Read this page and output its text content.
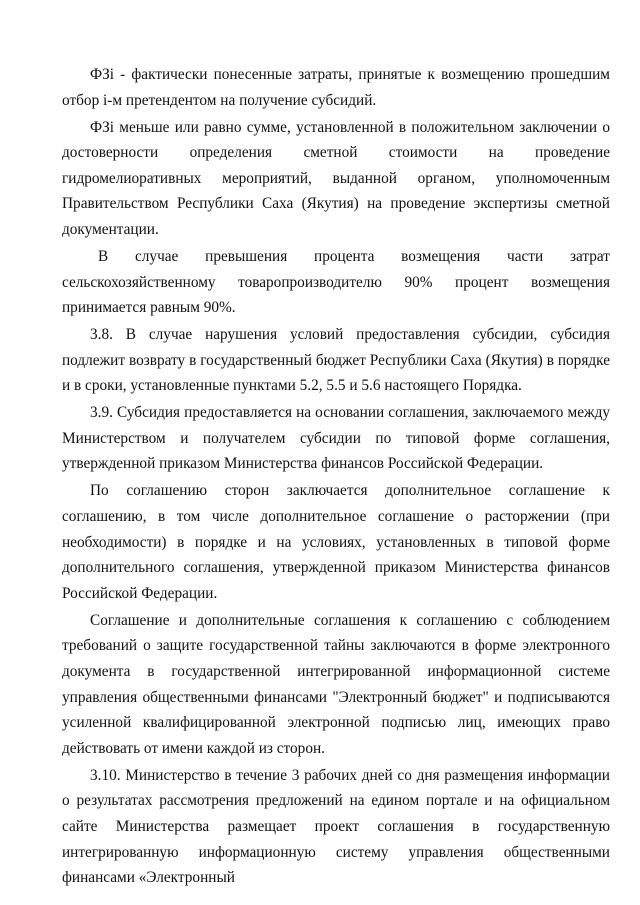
ФЗi - фактически понесенные затраты, принятые к возмещению прошедшим отбор i-м претендентом на получение субсидий.

ФЗi меньше или равно сумме, установленной в положительном заключении о достоверности определения сметной стоимости на проведение гидромелиоративных мероприятий, выданной органом, уполномоченным Правительством Республики Саха (Якутия) на проведение экспертизы сметной документации.

В случае превышения процента возмещения части затрат сельскохозяйственному товаропроизводителю 90% процент возмещения принимается равным 90%.

3.8. В случае нарушения условий предоставления субсидии, субсидия подлежит возврату в государственный бюджет Республики Саха (Якутия) в порядке и в сроки, установленные пунктами 5.2, 5.5 и 5.6 настоящего Порядка.

3.9. Субсидия предоставляется на основании соглашения, заключаемого между Министерством и получателем субсидии по типовой форме соглашения, утвержденной приказом Министерства финансов Российской Федерации.

По соглашению сторон заключается дополнительное соглашение к соглашению, в том числе дополнительное соглашение о расторжении (при необходимости) в порядке и на условиях, установленных в типовой форме дополнительного соглашения, утвержденной приказом Министерства финансов Российской Федерации.

Соглашение и дополнительные соглашения к соглашению с соблюдением требований о защите государственной тайны заключаются в форме электронного документа в государственной интегрированной информационной системе управления общественными финансами "Электронный бюджет" и подписываются усиленной квалифицированной электронной подписью лиц, имеющих право действовать от имени каждой из сторон.

3.10. Министерство в течение 3 рабочих дней со дня размещения информации о результатах рассмотрения предложений на едином портале и на официальном сайте Министерства размещает проект соглашения в государственную интегрированную информационную систему управления общественными финансами «Электронный
